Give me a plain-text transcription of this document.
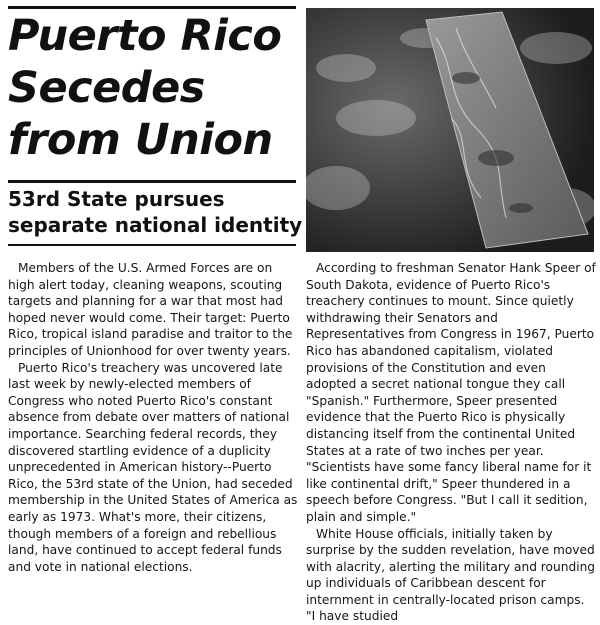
Puerto Rico
Secedes
from Union
53rd State pursues
separate national identity

Members of the U.S. Armed Forces are on high alert today, cleaning weapons, scouting targets and planning for a war that most had hoped never would come. Their target: Puerto Rico, tropical island paradise and traitor to the principles of Unionhood for over twenty years.

Puerto Rico's treachery was uncovered late last week by newly-elected members of Congress who noted Puerto Rico's constant absence from debate over matters of national importance. Searching federal records, they discovered startling evidence of a duplicity unprecedented in American history--Puerto Rico, the 53rd state of the Union, had seceded membership in the United States of America as early as 1973. What's more, their citizens, though members of a foreign and rebellious land, have continued to accept federal funds and vote in national elections.

According to freshman Senator Hank Speer of South Dakota, evidence of Puerto Rico's treachery continues to mount. Since quietly withdrawing their Senators and Representatives from Congress in 1967, Puerto Rico has abandoned capitalism, violated provisions of the Constitution and even adopted a secret national tongue they call "Spanish." Furthermore, Speer presented evidence that the Puerto Rico is physically distancing itself from the continental United States at a rate of two inches per year. "Scientists have some fancy liberal name for it like continental drift," Speer thundered in a speech before Congress. "But I call it sedition, plain and simple."

White House officials, initially taken by surprise by the sudden revelation, have moved with alacrity, alerting the military and rounding up individuals of Caribbean descent for internment in centrally-located prison camps. "I have studied
